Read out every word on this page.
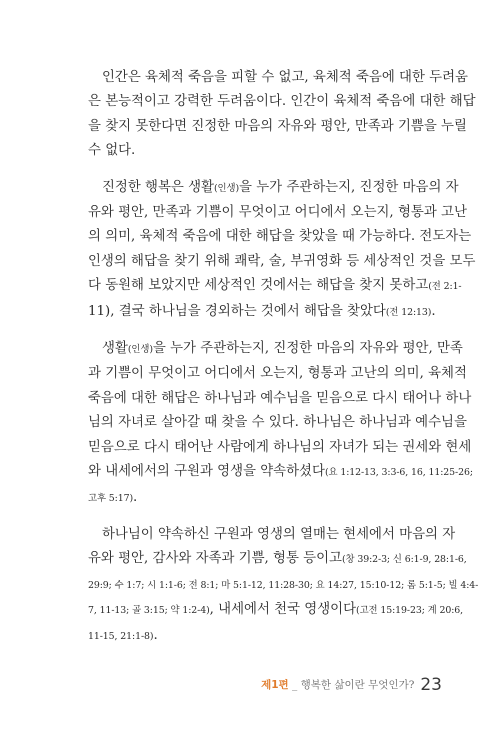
인간은 육체적 죽음을 피할 수 없고, 육체적 죽음에 대한 두려움
은 본능적이고 강력한 두려움이다. 인간이 육체적 죽음에 대한 해답
을 찾지 못한다면 진정한 마음의 자유와 평안, 만족과 기쁨을 누릴
수 없다.

진정한 행복은 생활(인생)을 누가 주관하는지, 진정한 마음의 자
유와 평안, 만족과 기쁨이 무엇이고 어디에서 오는지, 형통과 고난
의 의미, 육체적 죽음에 대한 해답을 찾았을 때 가능하다. 전도자는
인생의 해답을 찾기 위해 쾌락, 술, 부귀영화 등 세상적인 것을 모두
다 동원해 보았지만 세상적인 것에서는 해답을 찾지 못하고(전 2:1-
11), 결국 하나님을 경외하는 것에서 해답을 찾았다(전 12:13).

생활(인생)을 누가 주관하는지, 진정한 마음의 자유와 평안, 만족
과 기쁨이 무엇이고 어디에서 오는지, 형통과 고난의 의미, 육체적
죽음에 대한 해답은 하나님과 예수님을 믿음으로 다시 태어나 하나
님의 자녀로 살아갈 때 찾을 수 있다. 하나님은 하나님과 예수님을
믿음으로 다시 태어난 사람에게 하나님의 자녀가 되는 권세와 현세
와 내세에서의 구원과 영생을 약속하셨다(요 1:12-13, 3:3-6, 16, 11:25-26;
고후 5:17).

하나님이 약속하신 구원과 영생의 열매는 현세에서 마음의 자
유와 평안, 감사와 자족과 기쁨, 형통 등이고(창 39:2-3; 신 6:1-9, 28:1-6,
29:9; 수 1:7; 시 1:1-6; 전 8:1; 마 5:1-12, 11:28-30; 요 14:27, 15:10-12; 롬 5:1-5; 빌 4:4-
7, 11-13; 골 3:15; 약 1:2-4), 내세에서 천국 영생이다(고전 15:19-23; 계 20:6,
11-15, 21:1-8).

제1편 _ 행복한 삶이란 무엇인가? 23
